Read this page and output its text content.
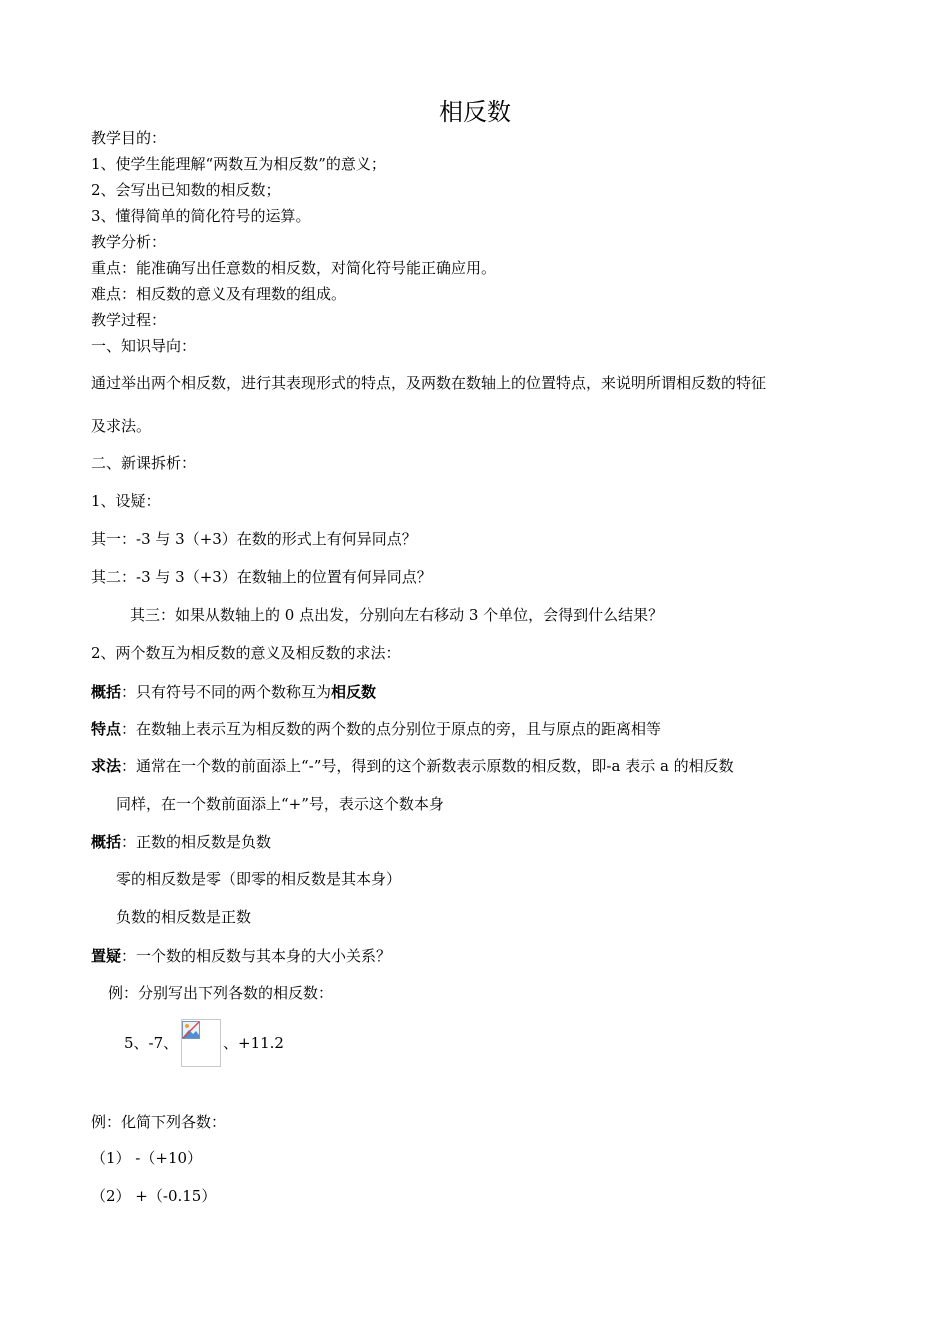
相反数
教学目的：
1、使学生能理解“两数互为相反数”的意义；
2、会写出已知数的相反数；
3、懂得简单的简化符号的运算。
教学分析：
重点：能准确写出任意数的相反数，对简化符号能正确应用。
难点：相反数的意义及有理数的组成。
教学过程：
一、知识导向：
通过举出两个相反数，进行其表现形式的特点，及两数在数轴上的位置特点，来说明所谓相反数的特征
及求法。
二、新课拆析：
1、设疑：
其一：-3 与 3（+3）在数的形式上有何异同点？
其二：-3 与 3（+3）在数轴上的位置有何异同点？
其三：如果从数轴上的 0 点出发，分别向左右移动 3 个单位，会得到什么结果？
2、两个数互为相反数的意义及相反数的求法：
概括：只有符号不同的两个数称互为相反数
特点：在数轴上表示互为相反数的两个数的点分别位于原点的旁，且与原点的距离相等
求法：通常在一个数的前面添上“-”号，得到的这个新数表示原数的相反数，即-a 表示 a 的相反数
同样，在一个数前面添上“+”号，表示这个数本身
概括：正数的相反数是负数
零的相反数是零（即零的相反数是其本身）
负数的相反数是正数
置疑：一个数的相反数与其本身的大小关系？
例：分别写出下列各数的相反数：
5、-7、	、+11.2
例：化简下列各数：
（1） -（+10）
（2） +（-0.15）
